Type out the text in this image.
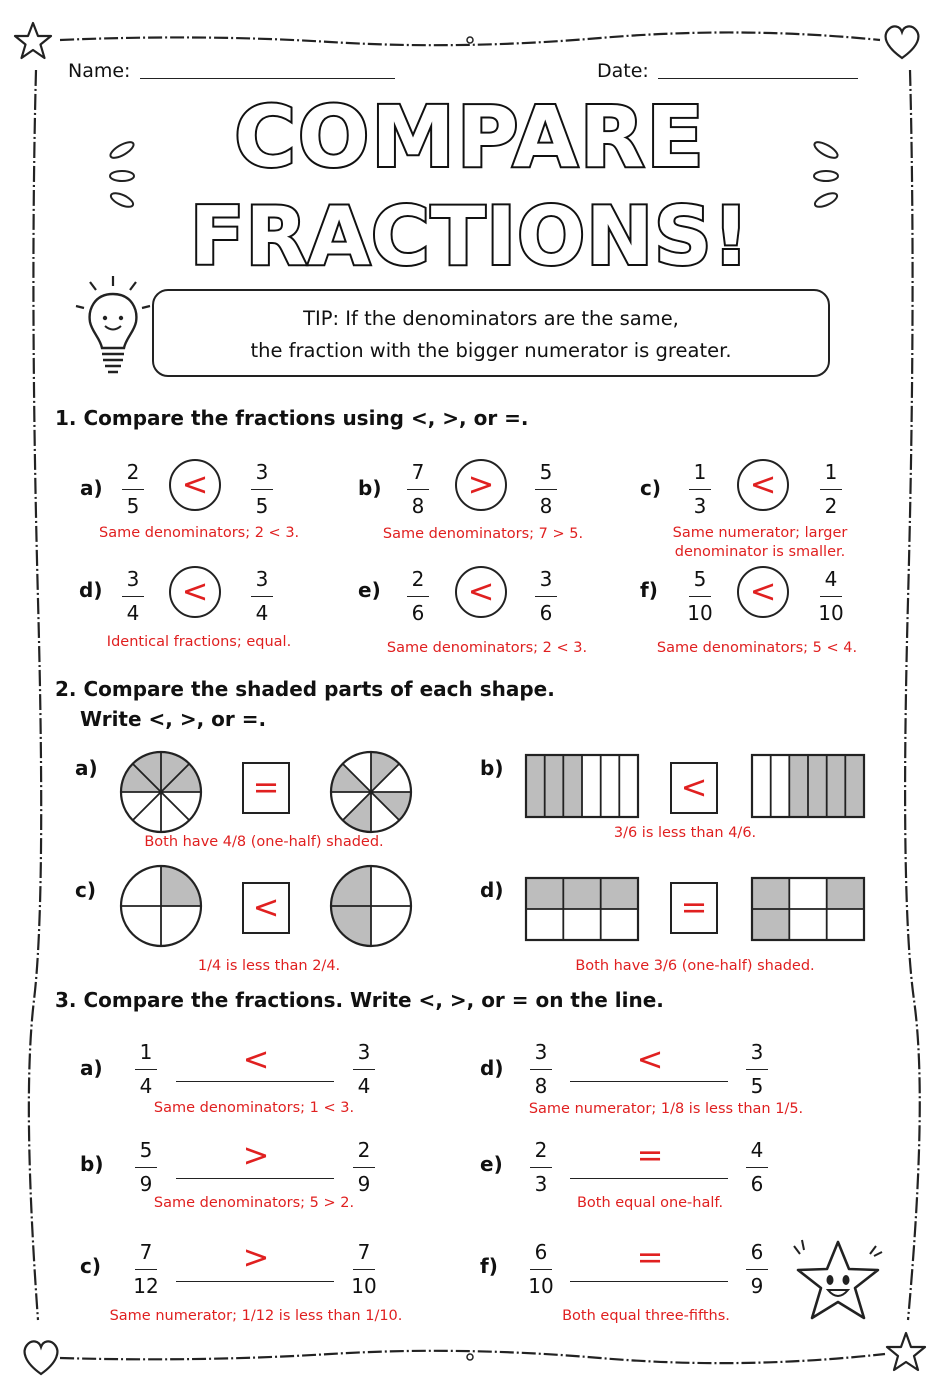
Name:	Date:
COMPARE
FRACTIONS!
TIP: If the denominators are the same,
the fraction with the bigger numerator is greater.
1. Compare the fractions using <, >, or =.
a)
2
5
<	3
5
Same denominators; 2 < 3.
b)
7
8
>	5
8
Same denominators; 7 > 5.
c)
1
3
<	1
2
Same numerator; larger
denominator is smaller.
d)	3
4
<	3
4
Identical fractions; equal.
e)	2
6
<	3
6
Same denominators; 2 < 3.
f)	5
10
<	4
10
Same denominators; 5 < 4.
2. Compare the shaded parts of each shape.
Write <, >, or =.
a)	=
Both have 4/8 (one-half) shaded.
b)	<
3/6 is less than 4/6.
c)	<
1/4 is less than 2/4.
d)	=
Both have 3/6 (one-half) shaded.
3. Compare the fractions. Write <, >, or = on the line.
a)
1
4
<	3
4
Same denominators; 1 < 3.
b)
5
9
>	2
9
Same denominators; 5 > 2.
c)
7
12
>	7
10
Same numerator; 1/12 is less than 1/10.
d)
3
8
<	3
5
Same numerator; 1/8 is less than 1/5.
e)
2
3
=	4
6
Both equal one-half.
f)
6
10
=	6
9
Both equal three-fifths.
